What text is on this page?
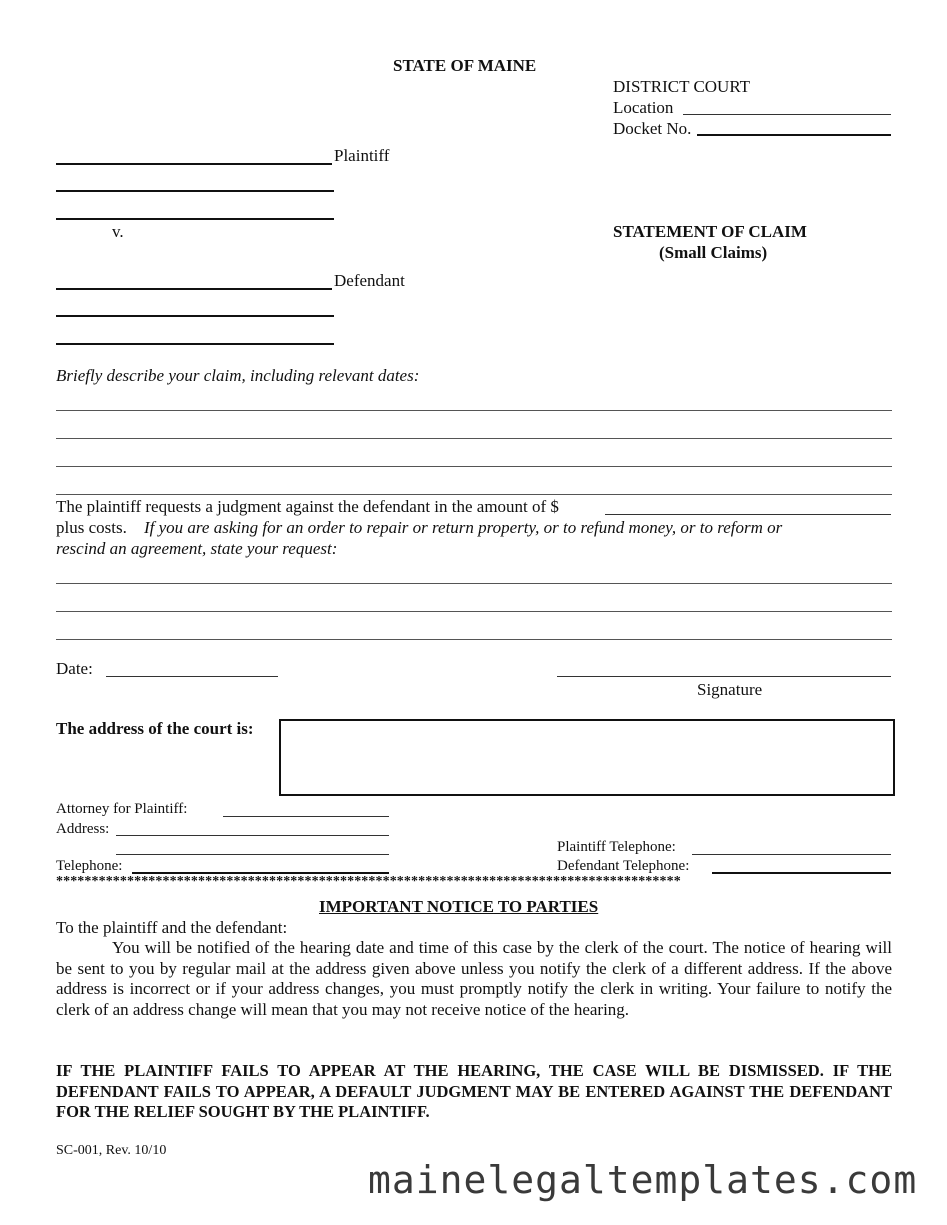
STATE OF MAINE
DISTRICT COURT
Location
Docket No.
Plaintiff
v.	STATEMENT OF CLAIM
(Small Claims)
Defendant
Briefly describe your claim, including relevant dates:
The plaintiff requests a judgment against the defendant in the amount of $
plus costs. If you are asking for an order to repair or return property, or to refund money, or to reform or
rescind an agreement, state your request:
Date:
Signature
The address of the court is:
Attorney for Plaintiff:
Address:
Plaintiff Telephone:
Telephone:	Defendant Telephone:
****************************************************************************************
IMPORTANT NOTICE TO PARTIES
To the plaintiff and the defendant:
You will be notified of the hearing date and time of this case by the clerk of the court. The notice of hearing will be sent to you by regular mail at the address given above unless you notify the clerk of a different address. If the above address is incorrect or if your address changes, you must promptly notify the clerk in writing. Your failure to notify the clerk of an address change will mean that you may not receive notice of the hearing.
IF THE PLAINTIFF FAILS TO APPEAR AT THE HEARING, THE CASE WILL BE DISMISSED. IF THE DEFENDANT FAILS TO APPEAR, A DEFAULT JUDGMENT MAY BE ENTERED AGAINST THE DEFENDANT FOR THE RELIEF SOUGHT BY THE PLAINTIFF.
SC-001, Rev. 10/10
mainelegaltemplates.com
